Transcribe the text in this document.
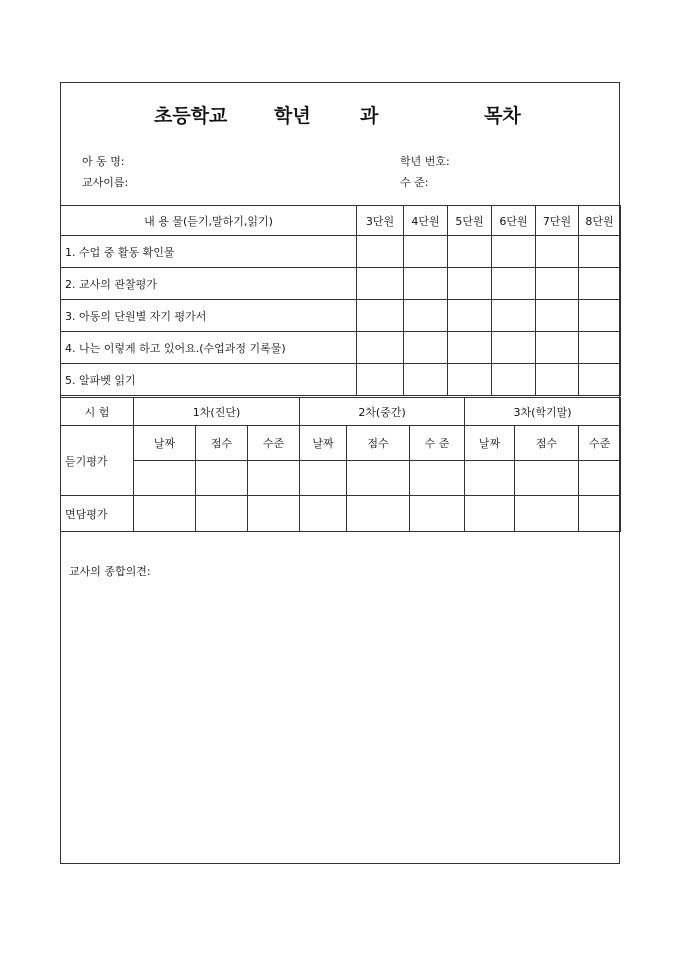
초등학교 학년	과	목차
아 동 명:
교사이름:
학년 번호:
수 준:
내 용 물(듣기,말하기,읽기)	3단원	4단원	5단원	6단원	7단원	8단원
1. 수업 중 활동 확인물						
2. 교사의 관찰평가						
3. 아동의 단원별 자기 평가서						
4. 나는 이렇게 하고 있어요.(수업과정 기록물)						
5. 알파벳 읽기						
시 험	1차(진단)			2차(중간)			3차(학기말)		
듣기평가	날짜	점수	수준	날짜	점수	수 준	날짜	점수	수준

면담평가									
교사의 종합의견:
